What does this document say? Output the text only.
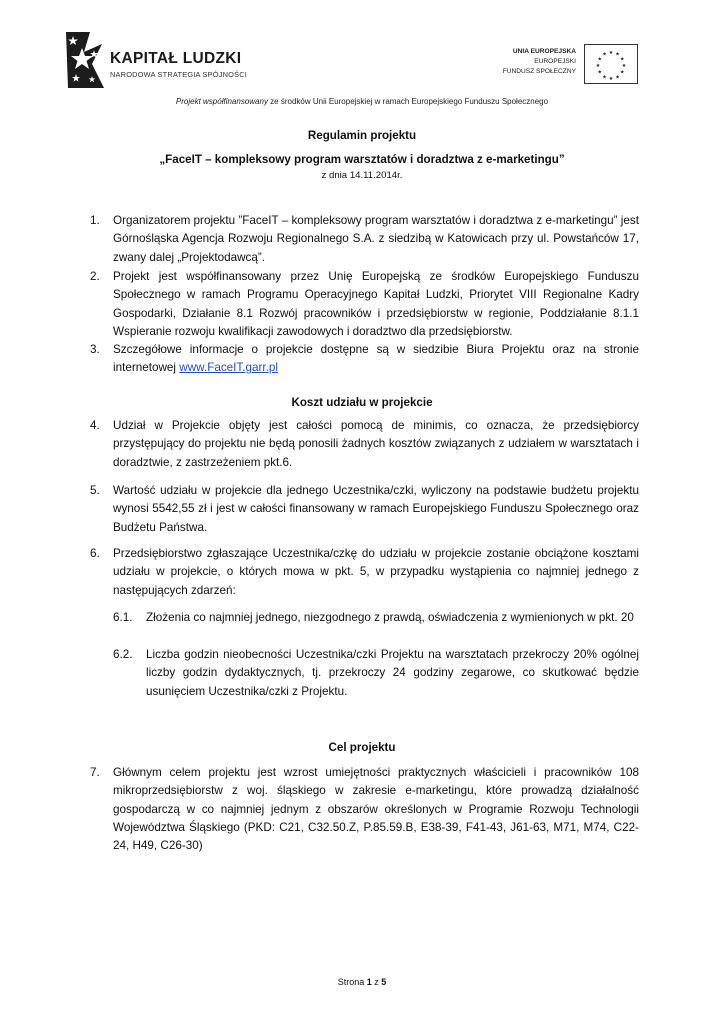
KAPITAŁ LUDZKI
NARODOWA STRATEGIA SPÓJNOŚCI
UNIA EUROPEJSKA
EUROPEJSKI
FUNDUSZ SPOŁECZNY
★ ★
★
★
★
★
★
★
★
★
★
★
Projekt współfinansowany ze środków Unii Europejskiej w ramach Europejskiego Funduszu Społecznego
Regulamin projektu
„FaceIT – kompleksowy program warsztatów i doradztwa z e-marketingu”
z dnia 14.11.2014r.
1. Organizatorem projektu ”FaceIT – kompleksowy program warsztatów i doradztwa z e-marketingu” jest Górnośląska Agencja Rozwoju Regionalnego S.A. z siedzibą w Katowicach przy ul. Powstańców 17, zwany dalej „Projektodawcą”.
2. Projekt jest współfinansowany przez Unię Europejską ze środków Europejskiego Funduszu Społecznego w ramach Programu Operacyjnego Kapitał Ludzki, Priorytet VIII Regionalne Kadry Gospodarki, Działanie 8.1 Rozwój pracowników i przedsiębiorstw w regionie, Poddziałanie 8.1.1 Wspieranie rozwoju kwalifikacji zawodowych i doradztwo dla przedsiębiorstw.
3. Szczegółowe informacje o projekcie dostępne są w siedzibie Biura Projektu oraz na stronie internetowej www.FaceIT.garr.pl
Koszt udziału w projekcie
4. Udział w Projekcie objęty jest całości pomocą de minimis, co oznacza, że przedsiębiorcy przystępujący do projektu nie będą ponosili żadnych kosztów związanych z udziałem w warsztatach i doradztwie, z zastrzeżeniem pkt.6.
5. Wartość udziału w projekcie dla jednego Uczestnika/czki, wyliczony na podstawie budżetu projektu wynosi 5542,55 zł i jest w całości finansowany w ramach Europejskiego Funduszu Społecznego oraz Budżetu Państwa.
6. Przedsiębiorstwo zgłaszające Uczestnika/czkę do udziału w projekcie zostanie obciążone kosztami udziału w projekcie, o których mowa w pkt. 5, w przypadku wystąpienia co najmniej jednego z następujących zdarzeń:
6.1. Złożenia co najmniej jednego, niezgodnego z prawdą, oświadczenia z wymienionych w pkt. 20
6.2. Liczba godzin nieobecności Uczestnika/czki Projektu na warsztatach przekroczy 20% ogólnej liczby godzin dydaktycznych, tj. przekroczy 24 godziny zegarowe, co skutkować będzie usunięciem Uczestnika/czki z Projektu.
Cel projektu
7. Głównym celem projektu jest wzrost umiejętności praktycznych właścicieli i pracowników 108 mikroprzedsiębiorstw z woj. śląskiego w zakresie e-marketingu, które prowadzą działalność gospodarczą w co najmniej jednym z obszarów określonych w Programie Rozwoju Technologii Województwa Śląskiego (PKD: C21, C32.50.Z, P.85.59.B, E38-39, F41-43, J61-63, M71, M74, C22-24, H49, C26-30)
Strona 1 z 5
